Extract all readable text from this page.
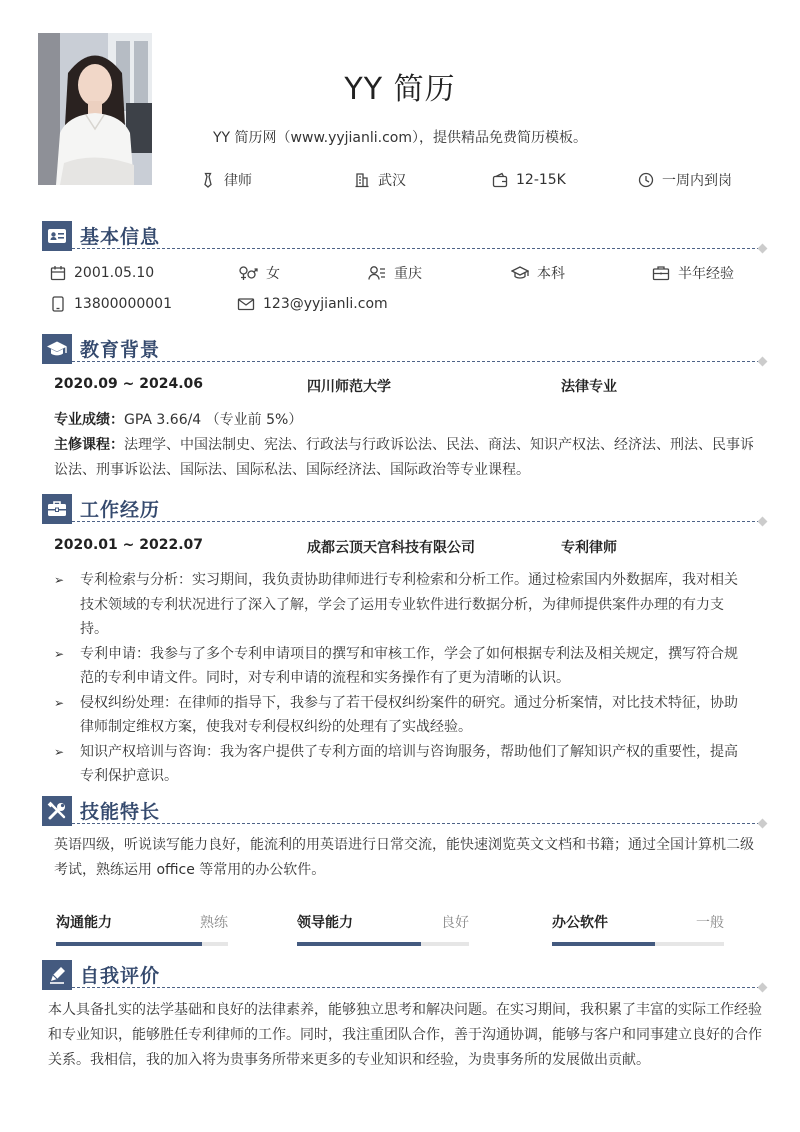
YY 简历
YY 简历网（www.yyjianli.com），提供精品免费简历模板。
律师	武汉	12-15K	一周内到岗
基本信息
2001.05.10	女	重庆	本科	半年经验
13800000001	123@yyjianli.com
教育背景
2020.09 ~ 2024.06	四川师范大学	法律专业
专业成绩：GPA 3.66/4 （专业前 5%）
主修课程：法理学、中国法制史、宪法、行政法与行政诉讼法、民法、商法、知识产权法、经济法、刑法、民事诉讼法、刑事诉讼法、国际法、国际私法、国际经济法、国际政治等专业课程。
工作经历
2020.01 ~ 2022.07	成都云顶天宫科技有限公司	专利律师
➢ 专利检索与分析：实习期间，我负责协助律师进行专利检索和分析工作。通过检索国内外数据库，我对相关技术领域的专利状况进行了深入了解，学会了运用专业软件进行数据分析，为律师提供案件办理的有力支持。
➢ 专利申请：我参与了多个专利申请项目的撰写和审核工作，学会了如何根据专利法及相关规定，撰写符合规范的专利申请文件。同时，对专利申请的流程和实务操作有了更为清晰的认识。
➢ 侵权纠纷处理：在律师的指导下，我参与了若干侵权纠纷案件的研究。通过分析案情，对比技术特征，协助律师制定维权方案，使我对专利侵权纠纷的处理有了实战经验。
➢ 知识产权培训与咨询：我为客户提供了专利方面的培训与咨询服务，帮助他们了解知识产权的重要性，提高专利保护意识。
技能特长
英语四级，听说读写能力良好，能流利的用英语进行日常交流，能快速浏览英文文档和书籍；通过全国计算机二级考试，熟练运用 office 等常用的办公软件。
沟通能力	熟练	领导能力	良好	办公软件	一般
自我评价
本人具备扎实的法学基础和良好的法律素养，能够独立思考和解决问题。在实习期间，我积累了丰富的实际工作经验和专业知识，能够胜任专利律师的工作。同时，我注重团队合作，善于沟通协调，能够与客户和同事建立良好的合作关系。我相信，我的加入将为贵事务所带来更多的专业知识和经验，为贵事务所的发展做出贡献。
